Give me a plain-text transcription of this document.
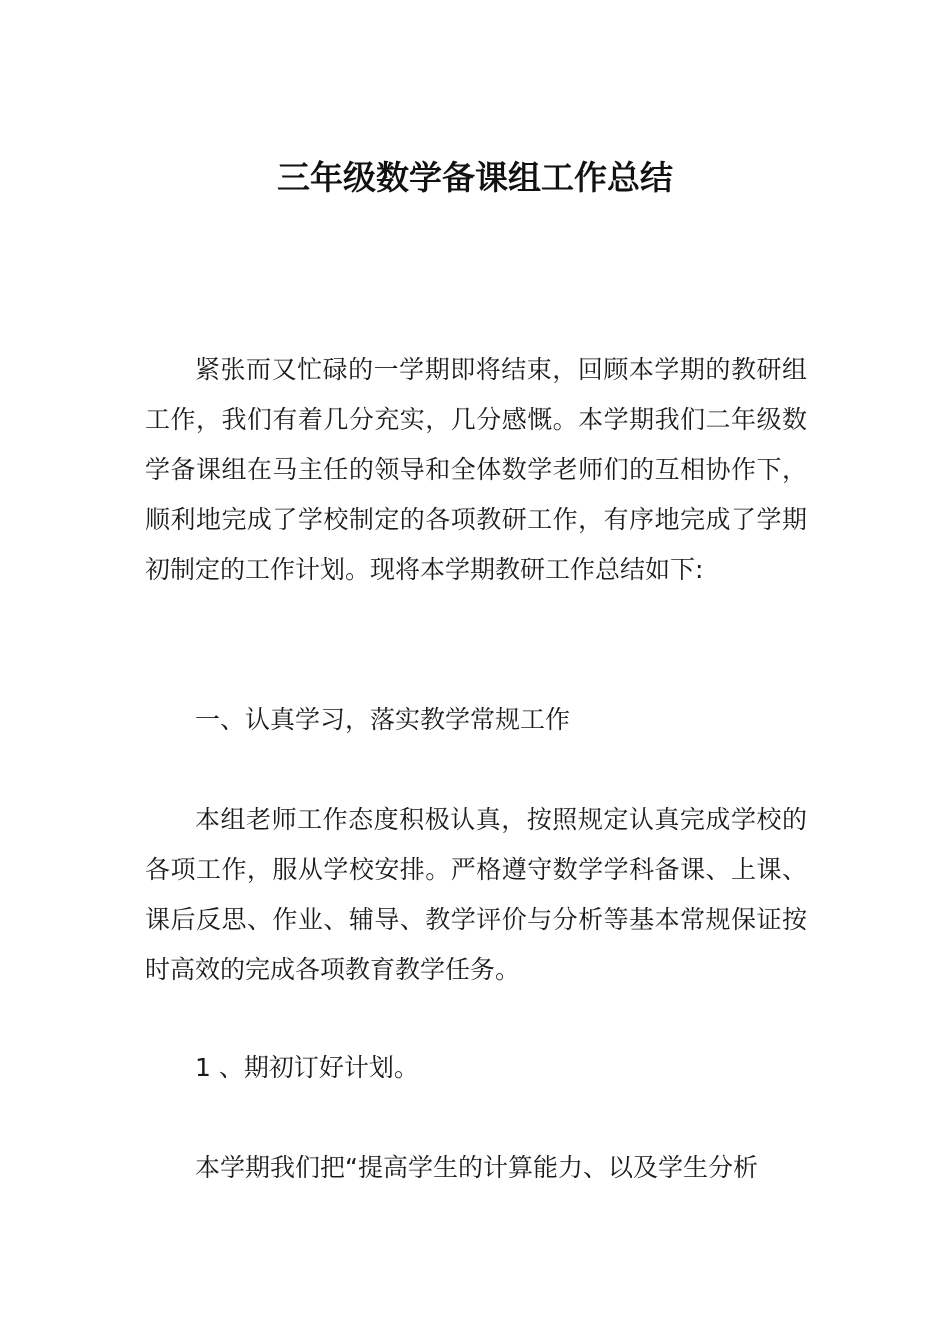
三年级数学备课组工作总结

紧张而又忙碌的一学期即将结束，回顾本学期的教研组工作，我们有着几分充实，几分感慨。本学期我们二年级数学备课组在马主任的领导和全体数学老师们的互相协作下，顺利地完成了学校制定的各项教研工作，有序地完成了学期初制定的工作计划。现将本学期教研工作总结如下:

一、认真学习，落实教学常规工作

本组老师工作态度积极认真，按照规定认真完成学校的各项工作，服从学校安排。严格遵守数学学科备课、上课、课后反思、作业、辅导、教学评价与分析等基本常规保证按时高效的完成各项教育教学任务。

1 、期初订好计划。

本学期我们把“提高学生的计算能力、以及学生分析
